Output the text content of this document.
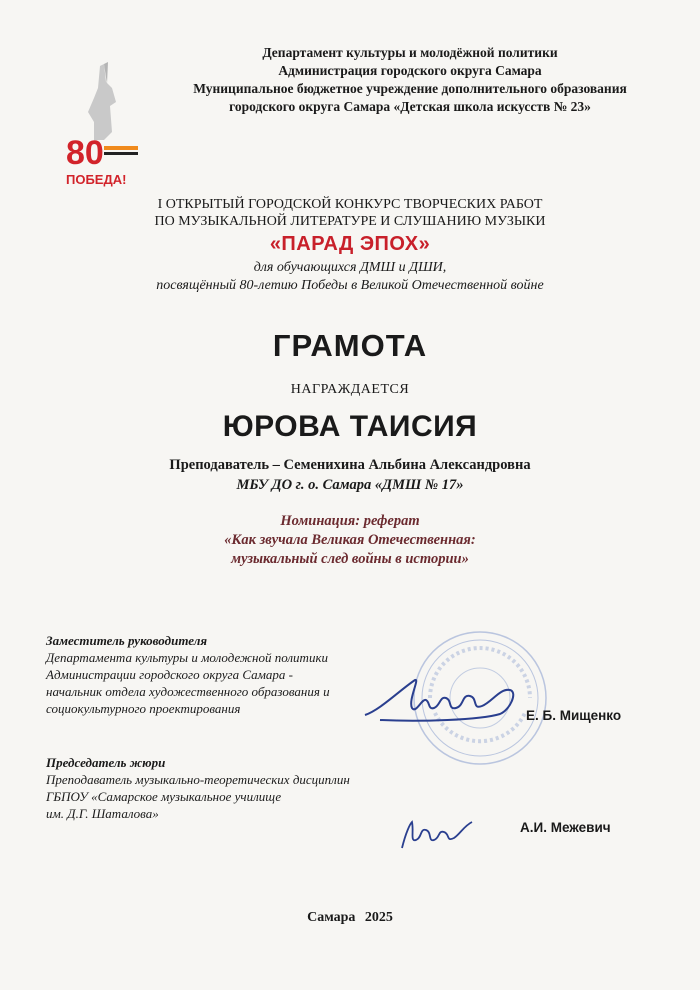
80
ПОБЕДА!
Департамент культуры и молодёжной политики
Администрация городского округа Самара
Муниципальное бюджетное учреждение дополнительного образования
городского округа Самара «Детская школа искусств № 23»
I ОТКРЫТЫЙ ГОРОДСКОЙ КОНКУРС ТВОРЧЕСКИХ РАБОТ
ПО МУЗЫКАЛЬНОЙ ЛИТЕРАТУРЕ И СЛУШАНИЮ МУЗЫКИ
«ПАРАД ЭПОХ»
для обучающихся ДМШ и ДШИ,
посвящённый 80-летию Победы в Великой Отечественной войне
ГРАМОТА
НАГРАЖДАЕТСЯ
ЮРОВА ТАИСИЯ
Преподаватель – Семенихина Альбина Александровна
МБУ ДО г. о. Самара «ДМШ № 17»
Номинация: реферат
«Как звучала Великая Отечественная:
музыкальный след войны в истории»
Заместитель руководителя
Департамента культуры и молодежной политики
Администрации городского округа Самара -
начальник отдела художественного образования и
социокультурного проектирования	Е. Б. Мищенко
Председатель жюри
Преподаватель музыкально-теоретических дисциплин
ГБПОУ «Самарское музыкальное училище
им. Д.Г. Шаталова»
А.И. Межевич
Самара 2025
